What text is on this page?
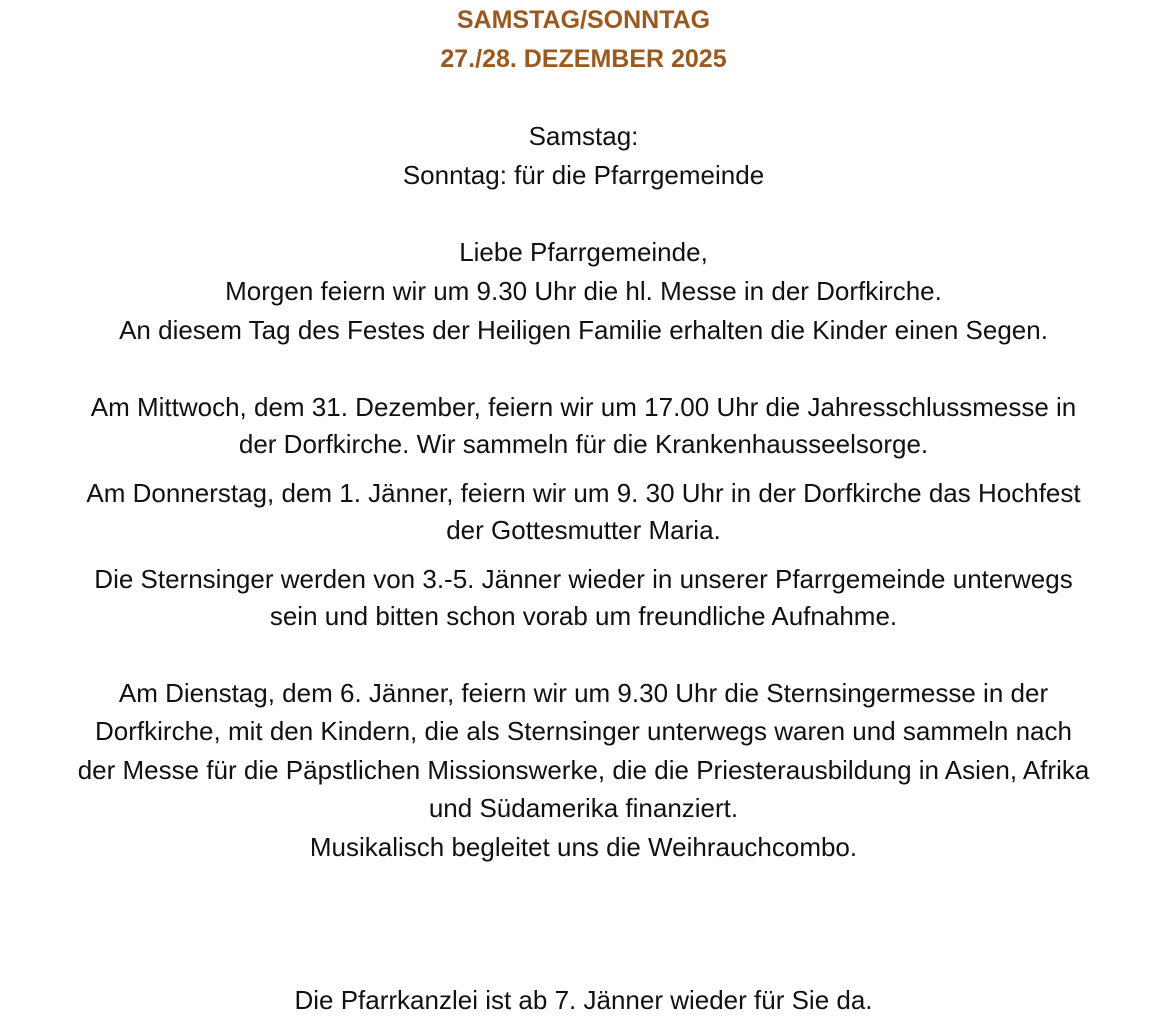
SAMSTAG/SONNTAG
27./28. DEZEMBER 2025
Samstag:
Sonntag: für die Pfarrgemeinde
Liebe Pfarrgemeinde,
Morgen feiern wir um 9.30 Uhr die hl. Messe in der Dorfkirche.
An diesem Tag des Festes der Heiligen Familie erhalten die Kinder einen Segen.
Am Mittwoch, dem 31. Dezember, feiern wir um 17.00 Uhr die Jahresschlussmesse in
der Dorfkirche. Wir sammeln für die Krankenhausseelsorge.
Am Donnerstag, dem 1. Jänner, feiern wir um 9. 30 Uhr in der Dorfkirche das Hochfest
der Gottesmutter Maria.
Die Sternsinger werden von 3.-5. Jänner wieder in unserer Pfarrgemeinde unterwegs
sein und bitten schon vorab um freundliche Aufnahme.
Am Dienstag, dem 6. Jänner, feiern wir um 9.30 Uhr die Sternsingermesse in der
Dorfkirche, mit den Kindern, die als Sternsinger unterwegs waren und sammeln nach
der Messe für die Päpstlichen Missionswerke, die die Priesterausbildung in Asien, Afrika
und Südamerika finanziert.
Musikalisch begleitet uns die Weihrauchcombo.
Die Pfarrkanzlei ist ab 7. Jänner wieder für Sie da.
